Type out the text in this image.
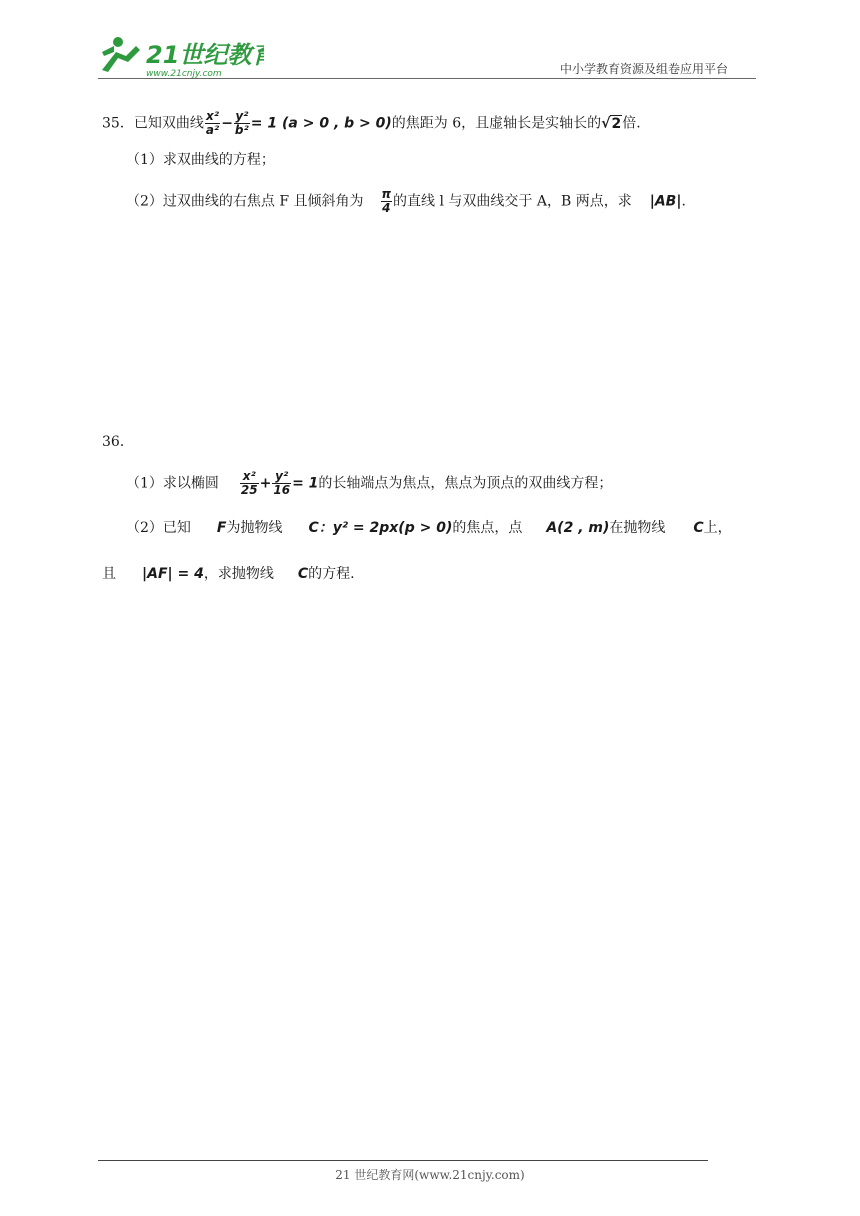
21世纪教育
www.21cnjy.com	中小学教育资源及组卷应用平台
35．已知双曲线 $\frac{\text{x²}}{\text{a²}} - \frac{\text{y²}}{\text{b²}} = 1$ (a > 0 , b > 0)的焦距为 6，且虚轴长是实轴长的√2倍.
（1）求双曲线的方程；
（2）过双曲线的右焦点 F 且倾斜角为 $\frac{\pi}{4}$ 的直线 l 与双曲线交于 A，B 两点，求 |AB|.
36．
（1）求以椭圆 $\frac{\text{x²}}{25} + \frac{\text{y²}}{16} = 1$的长轴端点为焦点，焦点为顶点的双曲线方程；
（2）已知 F为抛物线 C：y² = 2px(p > 0)的焦点，点 A(2 , m)在抛物线 C上，
且 |AF| = 4，求抛物线 C的方程.
21 世纪教育网(www.21cnjy.com)
